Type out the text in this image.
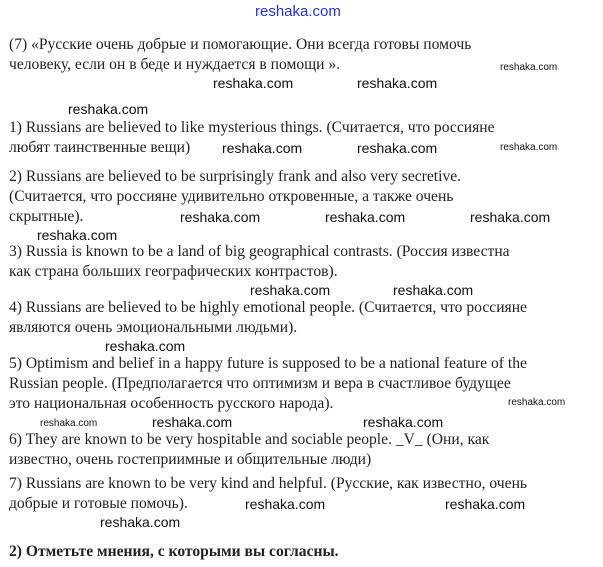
reshaka.com
(7) «Русские очень добрые и помогающие. Они всегда готовы помочь
человеку, если он в беде и нуждается в помощи ».	reshaka.com
reshaka.com	reshaka.com
reshaka.com
1) Russians are believed to like mysterious things. (Считается, что россияне
любят таинственные вещи) reshaka.com	reshaka.com	reshaka.com
2) Russians are believed to be surprisingly frank and also very secretive.
(Считается, что россияне удивительно откровенные, а также очень
скрытные).	reshaka.com	reshaka.com	reshaka.com
reshaka.com
3) Russia is known to be a land of big geographical contrasts. (Россия известна
как страна больших географических контрастов).
reshaka.com	reshaka.com
4) Russians are believed to be highly emotional people. (Считается, что россияне
являются очень эмоциональными людьми).
reshaka.com
5) Optimism and belief in a happy future is supposed to be a national feature of the
Russian people. (Предполагается что оптимизм и вера в счастливое будущее
это национальная особенность русского народа).	reshaka.com
reshaka.com	reshaka.com	reshaka.com
6) They are known to be very hospitable and sociable people. _V_ (Они, как
известно, очень гостеприимные и общительные люди)
7) Russians are known to be very kind and helpful. (Русские, как известно, очень
добрые и готовые помочь).	reshaka.com	reshaka.com
reshaka.com
2) Отметьте мнения, с которыми вы согласны.
